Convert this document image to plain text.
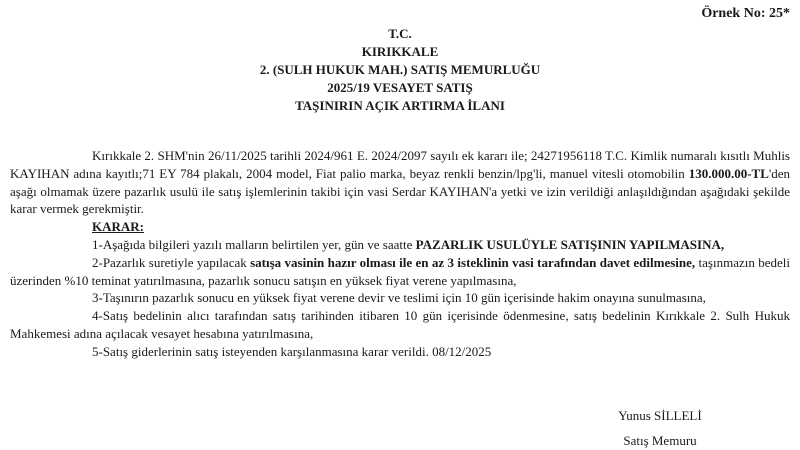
Örnek No: 25*
T.C.
KIRIKKALE
2. (SULH HUKUK MAH.) SATIŞ MEMURLUĞU
2025/19 VESAYET SATIŞ
TAŞINIRIN AÇIK ARTIRMA İLANI

Kırıkkale 2. SHM'nin 26/11/2025 tarihli 2024/961 E. 2024/2097 sayılı ek kararı ile; 24271956118 T.C. Kimlik numaralı kısıtlı Muhlis KAYIHAN adına kayıtlı;71 EY 784 plakalı, 2004 model, Fiat palio marka, beyaz renkli benzin/lpg'li, manuel vitesli otomobilin 130.000.00-TL'den aşağı olmamak üzere pazarlık usulü ile satış işlemlerinin takibi için vasi Serdar KAYIHAN'a yetki ve izin verildiği anlaşıldığından aşağıdaki şekilde karar vermek gerekmiştir.

KARAR:

1-Aşağıda bilgileri yazılı malların belirtilen yer, gün ve saatte PAZARLIK USULÜYLE SATIŞININ YAPILMASINA,

2-Pazarlık suretiyle yapılacak satışa vasinin hazır olması ile en az 3 isteklinin vasi tarafından davet edilmesine, taşınmazın bedeli üzerinden %10 teminat yatırılmasına, pazarlık sonucu satışın en yüksek fiyat verene yapılmasına,

3-Taşınırın pazarlık sonucu en yüksek fiyat verene devir ve teslimi için 10 gün içerisinde hakim onayına sunulmasına,

4-Satış bedelinin alıcı tarafından satış tarihinden itibaren 10 gün içerisinde ödenmesine, satış bedelinin Kırıkkale 2. Sulh Hukuk Mahkemesi adına açılacak vesayet hesabına yatırılmasına,

5-Satış giderlerinin satış isteyenden karşılanmasına karar verildi. 08/12/2025

Yunus SİLLELİ
Satış Memuru
